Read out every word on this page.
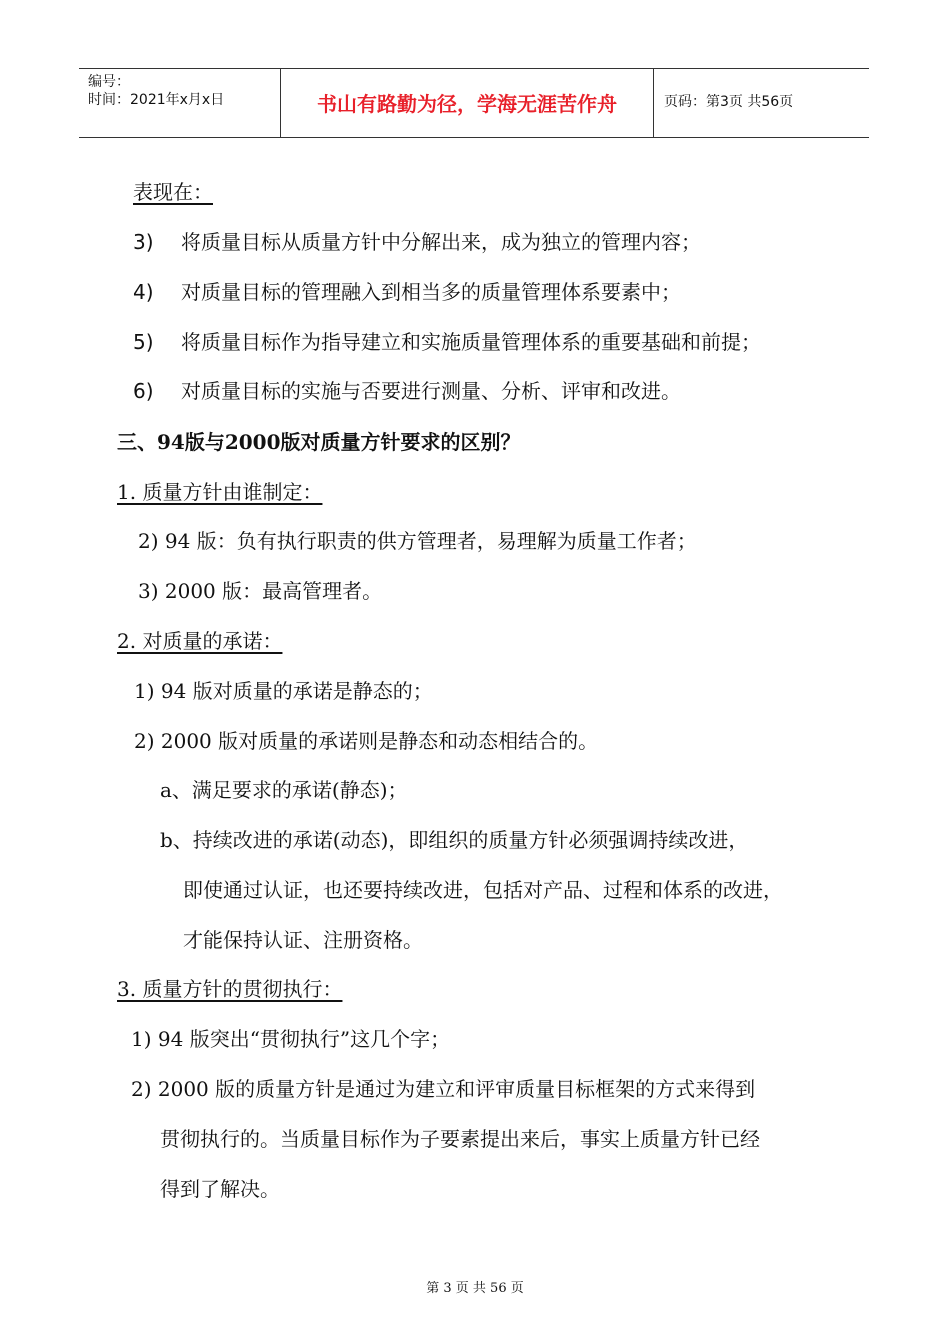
编号：
时间：2021年x月x日	书山有路勤为径，学海无涯苦作舟	页码：第3页 共56页
表现在：
3) 将质量目标从质量方针中分解出来，成为独立的管理内容；
4) 对质量目标的管理融入到相当多的质量管理体系要素中；
5) 将质量目标作为指导建立和实施质量管理体系的重要基础和前提；
6) 对质量目标的实施与否要进行测量、分析、评审和改进。
三、94版与2000版对质量方针要求的区别？
1. 质量方针由谁制定：
2) 94 版：负有执行职责的供方管理者，易理解为质量工作者；
3) 2000 版：最高管理者。
2. 对质量的承诺：
1) 94 版对质量的承诺是静态的；
2) 2000 版对质量的承诺则是静态和动态相结合的。
a、满足要求的承诺(静态)；
b、持续改进的承诺(动态)，即组织的质量方针必须强调持续改进，
即使通过认证，也还要持续改进，包括对产品、过程和体系的改进，
才能保持认证、注册资格。
3. 质量方针的贯彻执行：
1) 94 版突出“贯彻执行”这几个字；
2) 2000 版的质量方针是通过为建立和评审质量目标框架的方式来得到
贯彻执行的。当质量目标作为子要素提出来后，事实上质量方针已经
得到了解决。
第 3 页 共 56 页
